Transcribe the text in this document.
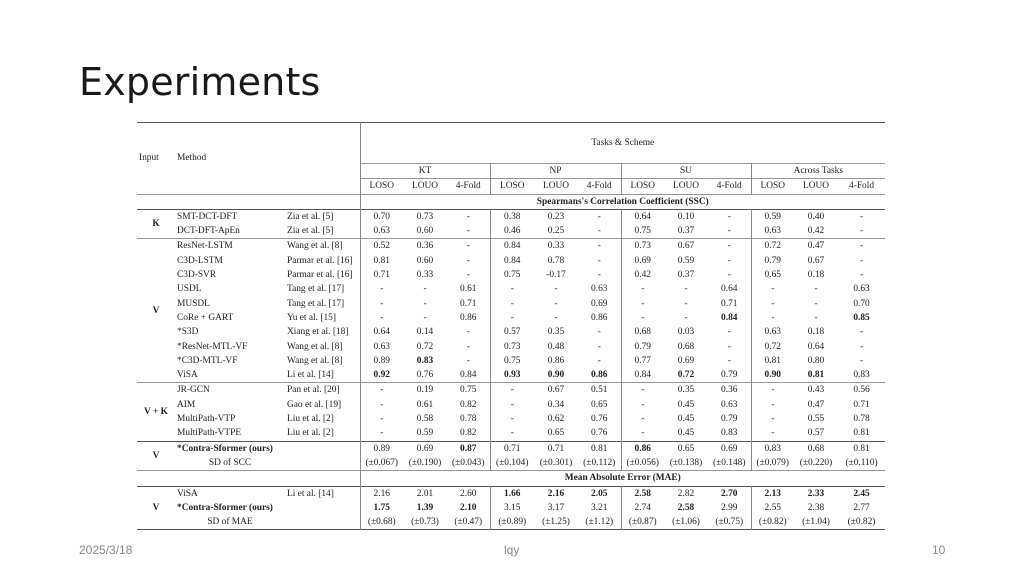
Experiments
Input	Method		Tasks & Scheme											
			KT			NP			SU			Across Tasks		
			LOSO	LOUO	4-Fold	LOSO	LOUO	4-Fold	LOSO	LOUO	4-Fold	LOSO	LOUO	4-Fold
			Spearmans's Correlation Coefficient (SSC)											
K	SMT-DCT-DFT	Zia et al. [5]	0.70	0.73	-	0.38	0.23	-	0.64	0.10	-	0.59	0.40	-
	DCT-DFT-ApEn	Zia et al. [5]	0.63	0.60	-	0.46	0.25	-	0.75	0.37	-	0.63	0.42	-
V	ResNet-LSTM	Wang et al. [8]	0.52	0.36	-	0.84	0.33	-	0.73	0.67	-	0.72	0.47	-
	C3D-LSTM	Parmar et al. [16]	0.81	0.60	-	0.84	0.78	-	0.69	0.59	-	0.79	0.67	-
	C3D-SVR	Parmar et al. [16]	0.71	0.33	-	0.75	-0.17	-	0.42	0.37	-	0.65	0.18	-
	USDL	Tang et al. [17]	-	-	0.61	-	-	0.63	-	-	0.64	-	-	0.63
	MUSDL	Tang et al. [17]	-	-	0.71	-	-	0.69	-	-	0.71	-	-	0.70
	CoRe + GART	Yu et al. [15]	-	-	0.86	-	-	0.86	-	-	0.84	-	-	0.85
	*S3D	Xiang et al. [18]	0.64	0.14	-	0.57	0.35	-	0.68	0.03	-	0.63	0.18	-
	*ResNet-MTL-VF	Wang et al. [8]	0.63	0.72	-	0.73	0.48	-	0.79	0.68	-	0.72	0.64	-
	*C3D-MTL-VF	Wang et al. [8]	0.89	0.83	-	0.75	0.86	-	0.77	0.69	-	0.81	0.80	-
	ViSA	Li et al. [14]	0.92	0.76	0.84	0.93	0.90	0.86	0.84	0.72	0.79	0.90	0.81	0.83
V + K	JR-GCN	Pan et al. [20]	-	0.19	0.75	-	0.67	0.51	-	0.35	0.36	-	0.43	0.56
	AIM	Gao et al. [19]	-	0.61	0.82	-	0.34	0.65	-	0.45	0.63	-	0.47	0.71
	MultiPath-VTP	Liu et al. [2]	-	0.58	0.78	-	0.62	0.76	-	0.45	0.79	-	0.55	0.78
	MultiPath-VTPE	Liu et al. [2]	-	0.59	0.82	-	0.65	0.76	-	0.45	0.83	-	0.57	0.81
V	*Contra-Sformer (ours)		0.89	0.69	0.87	0.71	0.71	0.81	0.86	0.65	0.69	0.83	0.68	0.81
	SD of SCC		(±0.067)	(±0.190)	(±0.043)	(±0.104)	(±0.301)	(±0.112)	(±0.056)	(±0.138)	(±0.148)	(±0.079)	(±0.220)	(±0.110)
			Mean Absolute Error (MAE)											
V	ViSA	Li et al. [14]	2.16	2.01	2.60	1.66	2.16	2.05	2.58	2.82	2.70	2.13	2.33	2.45
	*Contra-Sformer (ours)		1.75	1.39	2.10	3.15	3.17	3.21	2.74	2.58	2.99	2.55	2.38	2.77
	SD of MAE		(±0.68)	(±0.73)	(±0.47)	(±0.89)	(±1.25)	(±1.12)	(±0.87)	(±1.06)	(±0.75)	(±0.82)	(±1.04)	(±0.82)
2025/3/18	lqy	10
